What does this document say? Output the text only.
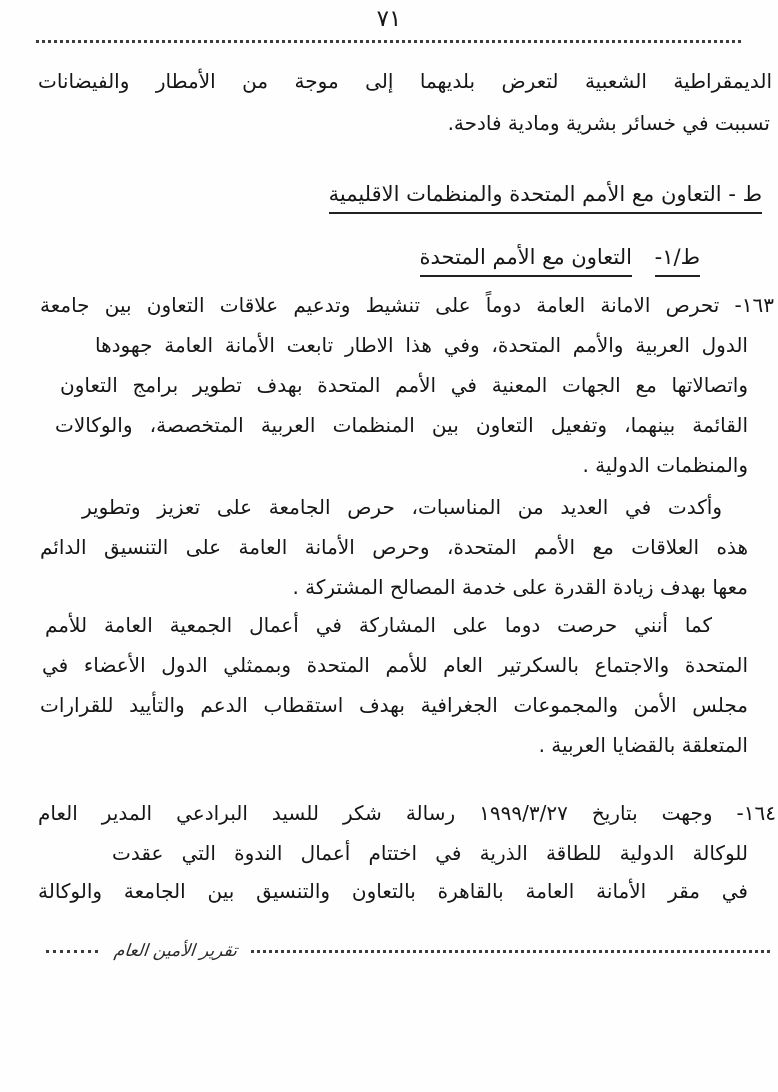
٧١
الديمقراطية الشعبية لتعرض بلديهما إلى موجة من الأمطار والفيضانات
تسببت في خسائر بشرية ومادية فادحة.
ط - التعاون مع الأمم المتحدة والمنظمات الاقليمية
ط/١- التعاون مع الأمم المتحدة
١٦٣- تحرص الامانة العامة دوماً على تنشيط وتدعيم علاقات التعاون بين جامعة
الدول العربية والأمم المتحدة، وفي هذا الاطار تابعت الأمانة العامة جهودها
واتصالاتها مع الجهات المعنية في الأمم المتحدة بهدف تطوير برامج التعاون
القائمة بينهما، وتفعيل التعاون بين المنظمات العربية المتخصصة، والوكالات
والمنظمات الدولية .
وأكدت في العديد من المناسبات، حرص الجامعة على تعزيز وتطوير
هذه العلاقات مع الأمم المتحدة، وحرص الأمانة العامة على التنسيق الدائم
معها بهدف زيادة القدرة على خدمة المصالح المشتركة .
كما أنني حرصت دوما على المشاركة في أعمال الجمعية العامة للأمم
المتحدة والاجتماع بالسكرتير العام للأمم المتحدة وبممثلي الدول الأعضاء في
مجلس الأمن والمجموعات الجغرافية بهدف استقطاب الدعم والتأييد للقرارات
المتعلقة بالقضايا العربية .
١٦٤- وجهت بتاريخ ١٩٩٩/٣/٢٧ رسالة شكر للسيد البرادعي المدير العام
للوكالة الدولية للطاقة الذرية في اختتام أعمال الندوة التي عقدت
في مقر الأمانة العامة بالقاهرة بالتعاون والتنسيق بين الجامعة والوكالة
تقرير الأمين العام
